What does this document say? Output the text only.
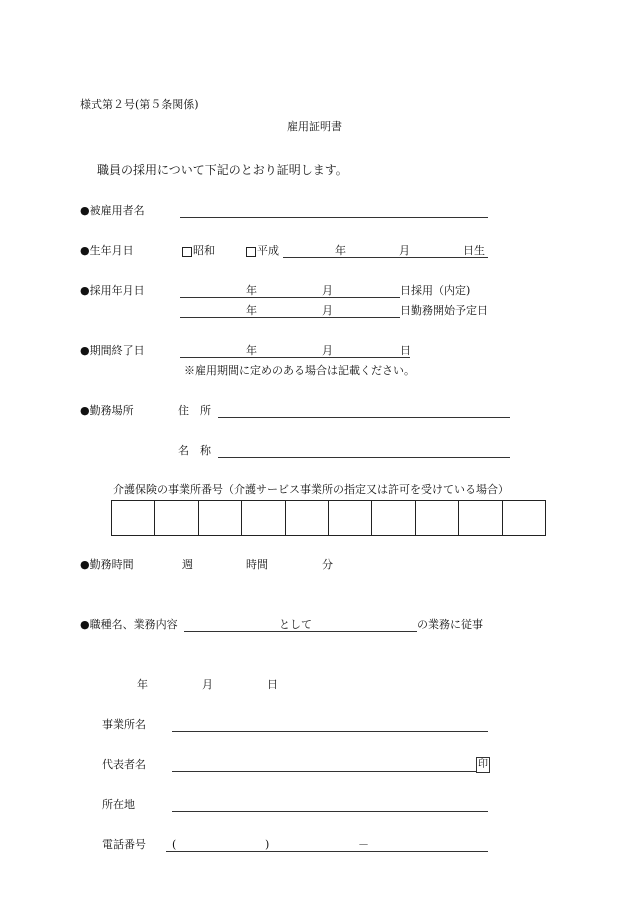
様式第２号(第５条関係)
雇用証明書
職員の採用について下記のとおり証明します。
●被雇用者名
●生年月日	昭和	平成	年	月	日生
●採用年月日	年	月	日採用（内定)
年	月	日勤務開始予定日
●期間終了日	年	月	日
※雇用期間に定めのある場合は記載ください。
●勤務場所	住　所
名　称
介護保険の事業所番号（介護サービス事業所の指定又は許可を受けている場合）
●勤務時間	週	時間	分
●職種名、業務内容	として	の業務に従事
年	月	日
事業所名
代表者名	印
所在地
電話番号 (	)	－
